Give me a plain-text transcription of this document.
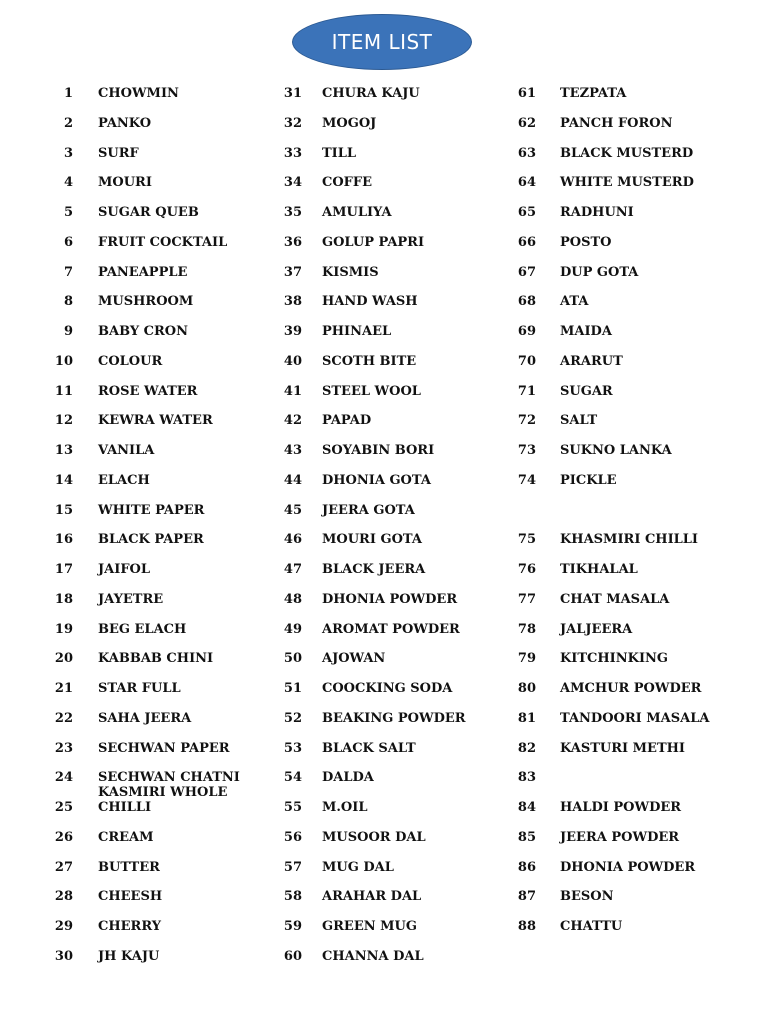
ITEM LIST
1 CHOWMIN
2 PANKO
3 SURF
4 MOURI
5 SUGAR QUEB
6 FRUIT COCKTAIL
7 PANEAPPLE
8 MUSHROOM
9 BABY CRON
10 COLOUR
11 ROSE WATER
12 KEWRA WATER
13 VANILA
14 ELACH
15 WHITE PAPER
16 BLACK PAPER
17 JAIFOL
18 JAYETRE
19 BEG ELACH
20 KABBAB CHINI
21 STAR FULL
22 SAHA JEERA
23 SECHWAN PAPER
24 SECHWAN CHATNI
25
KASMIRI WHOLE
CHILLI
26 CREAM
27 BUTTER
28 CHEESH
29 CHERRY
30 JH KAJU
31 CHURA KAJU
32 MOGOJ
33 TILL
34 COFFE
35 AMULIYA
36 GOLUP PAPRI
37 KISMIS
38 HAND WASH
39 PHINAEL
40 SCOTH BITE
41 STEEL WOOL
42 PAPAD
43 SOYABIN BORI
44 DHONIA GOTA
45 JEERA GOTA
46 MOURI GOTA
47 BLACK JEERA
48 DHONIA POWDER
49 AROMAT POWDER
50 AJOWAN
51 COOCKING SODA
52 BEAKING POWDER
53 BLACK SALT
54 DALDA
55 M.OIL
56 MUSOOR DAL
57 MUG DAL
58 ARAHAR DAL
59 GREEN MUG
60 CHANNA DAL
61 TEZPATA
62 PANCH FORON
63 BLACK MUSTERD
64 WHITE MUSTERD
65 RADHUNI
66 POSTO
67 DUP GOTA
68 ATA
69 MAIDA
70 ARARUT
71 SUGAR
72 SALT
73 SUKNO LANKA
74 PICKLE
75 KHASMIRI CHILLI
76 TIKHALAL
77 CHAT MASALA
78 JALJEERA
79 KITCHINKING
80 AMCHUR POWDER
81 TANDOORI MASALA
82 KASTURI METHI
83
84 HALDI POWDER
85 JEERA POWDER
86 DHONIA POWDER
87 BESON
88 CHATTU
